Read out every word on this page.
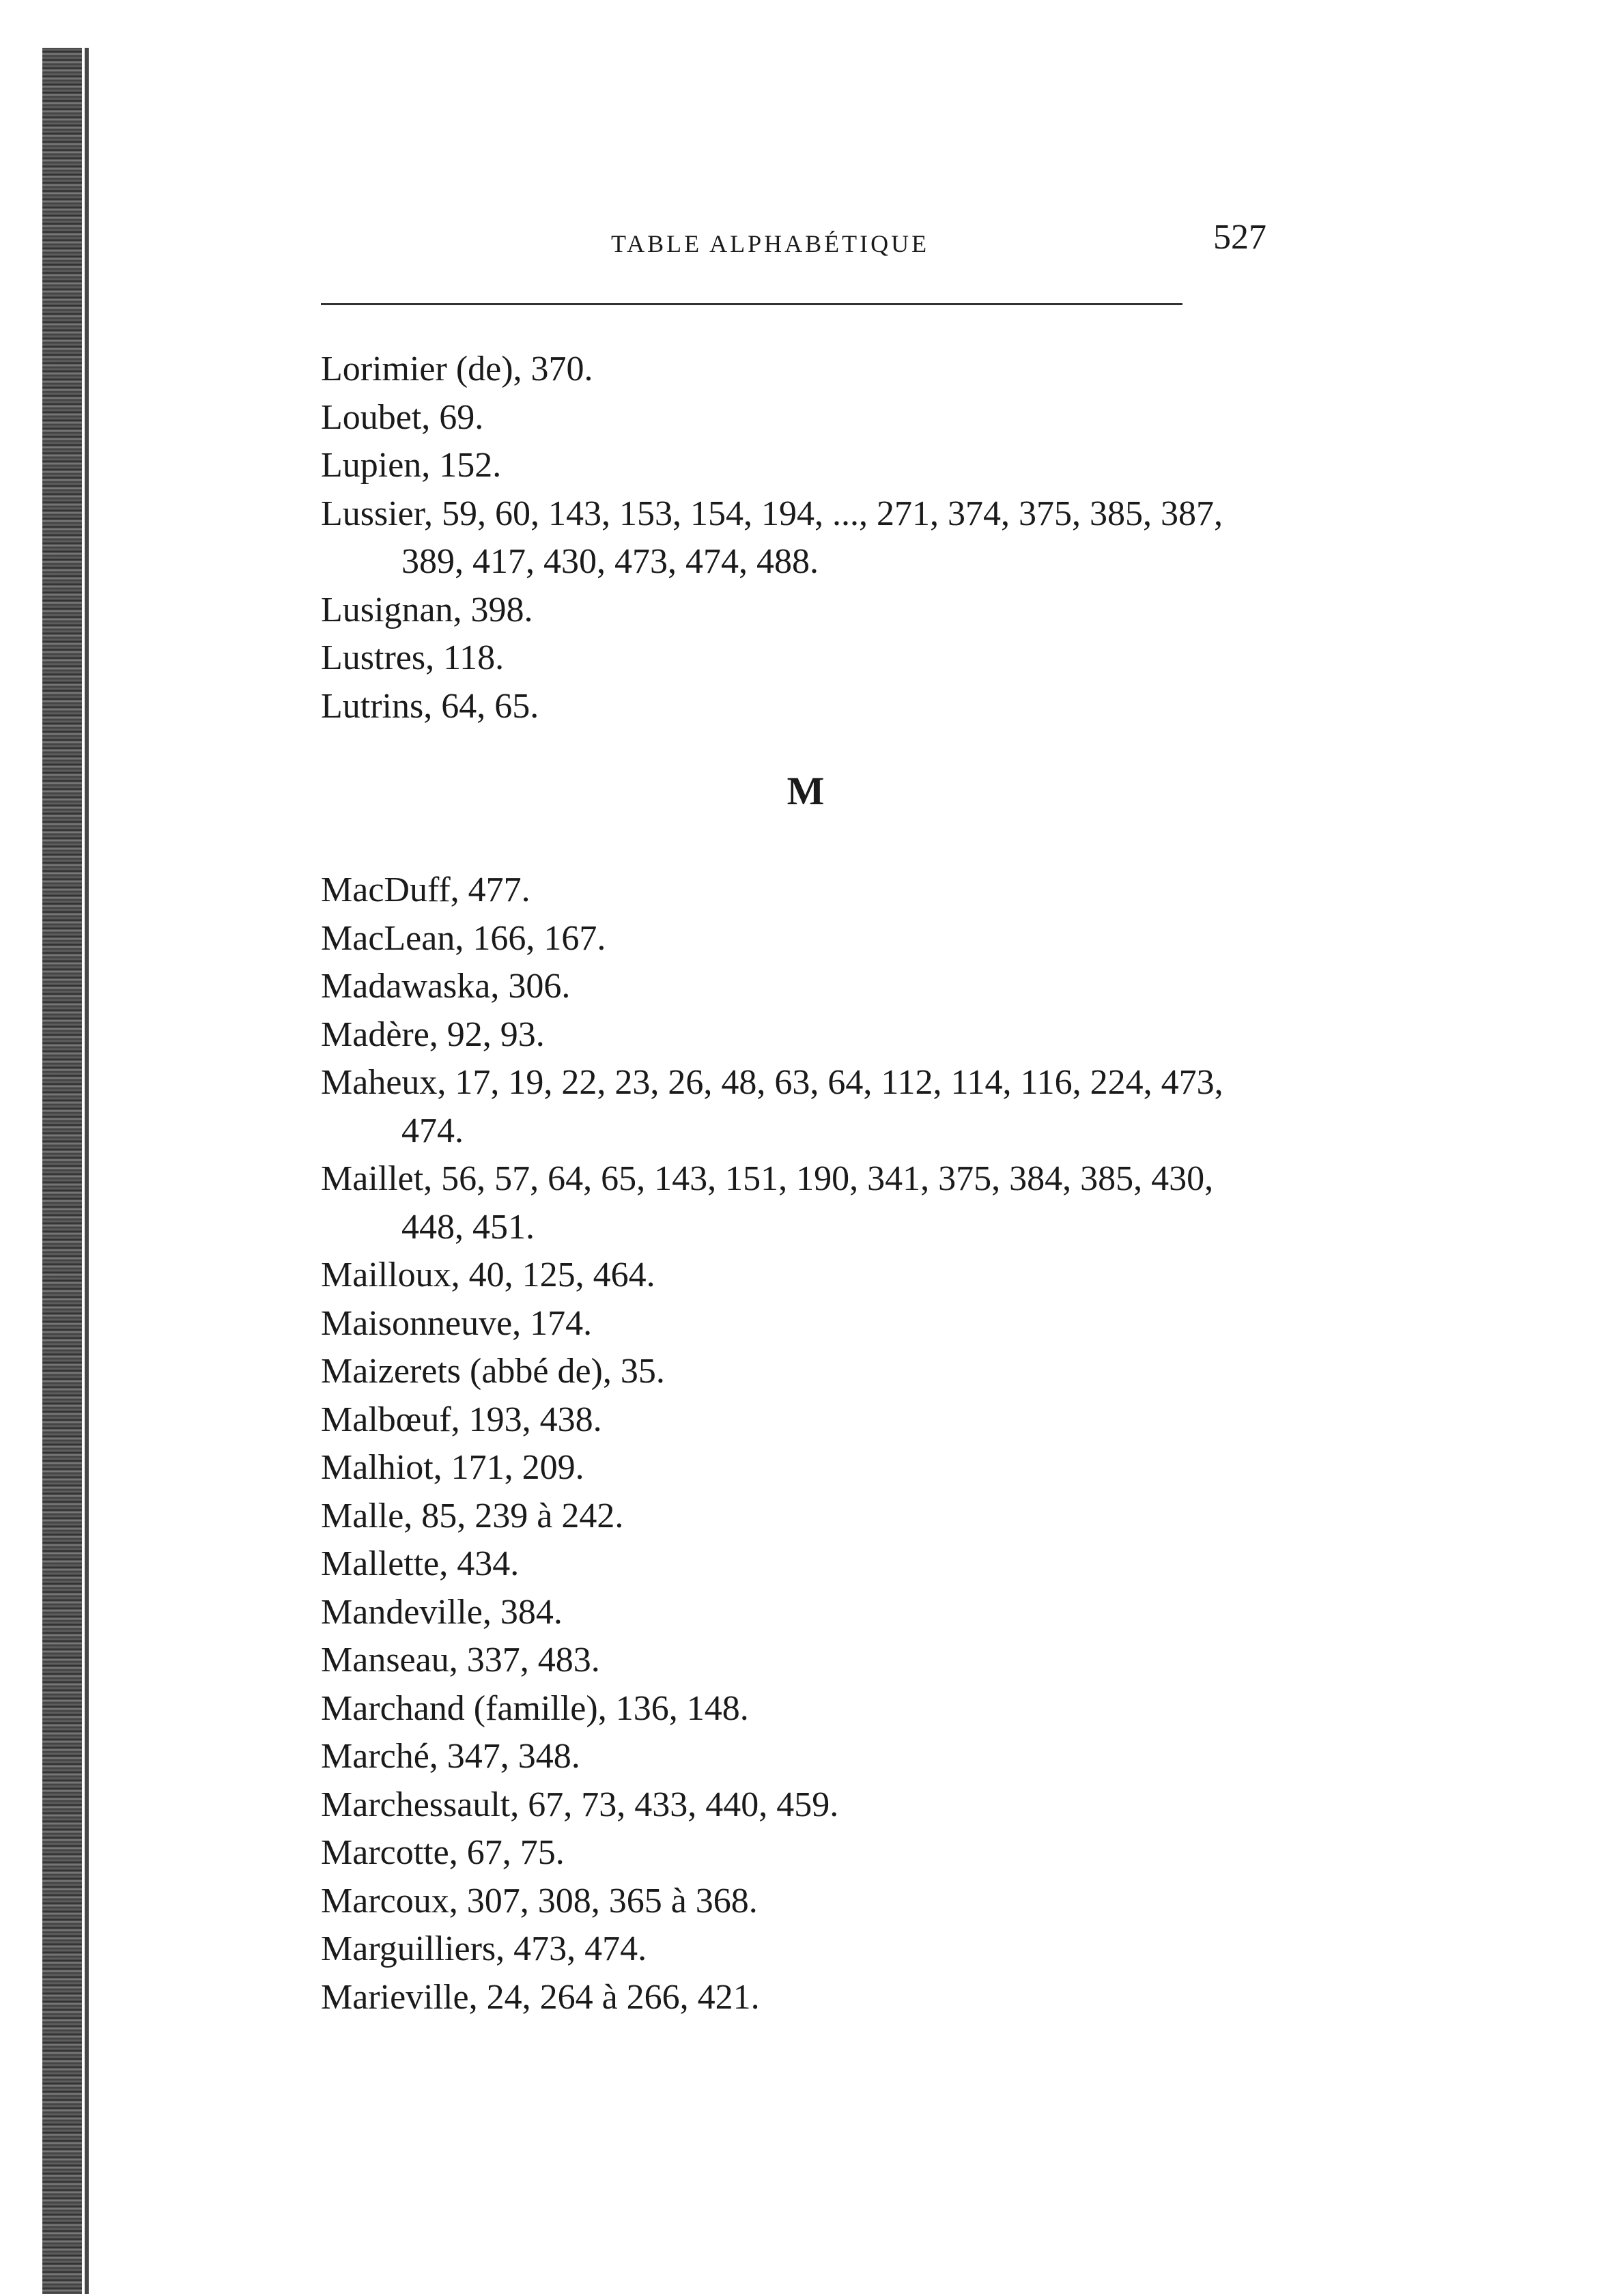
TABLE ALPHABÉTIQUE	527
Lorimier (de), 370.
Loubet, 69.
Lupien, 152.
Lussier, 59, 60, 143, 153, 154, 194, ..., 271, 374, 375, 385, 387, 389, 417, 430, 473, 474, 488.
Lusignan, 398.
Lustres, 118.
Lutrins, 64, 65.
M
MacDuff, 477.
MacLean, 166, 167.
Madawaska, 306.
Madère, 92, 93.
Maheux, 17, 19, 22, 23, 26, 48, 63, 64, 112, 114, 116, 224, 473, 474.
Maillet, 56, 57, 64, 65, 143, 151, 190, 341, 375, 384, 385, 430, 448, 451.
Mailloux, 40, 125, 464.
Maisonneuve, 174.
Maizerets (abbé de), 35.
Malbœuf, 193, 438.
Malhiot, 171, 209.
Malle, 85, 239 à 242.
Mallette, 434.
Mandeville, 384.
Manseau, 337, 483.
Marchand (famille), 136, 148.
Marché, 347, 348.
Marchessault, 67, 73, 433, 440, 459.
Marcotte, 67, 75.
Marcoux, 307, 308, 365 à 368.
Marguilliers, 473, 474.
Marieville, 24, 264 à 266, 421.
